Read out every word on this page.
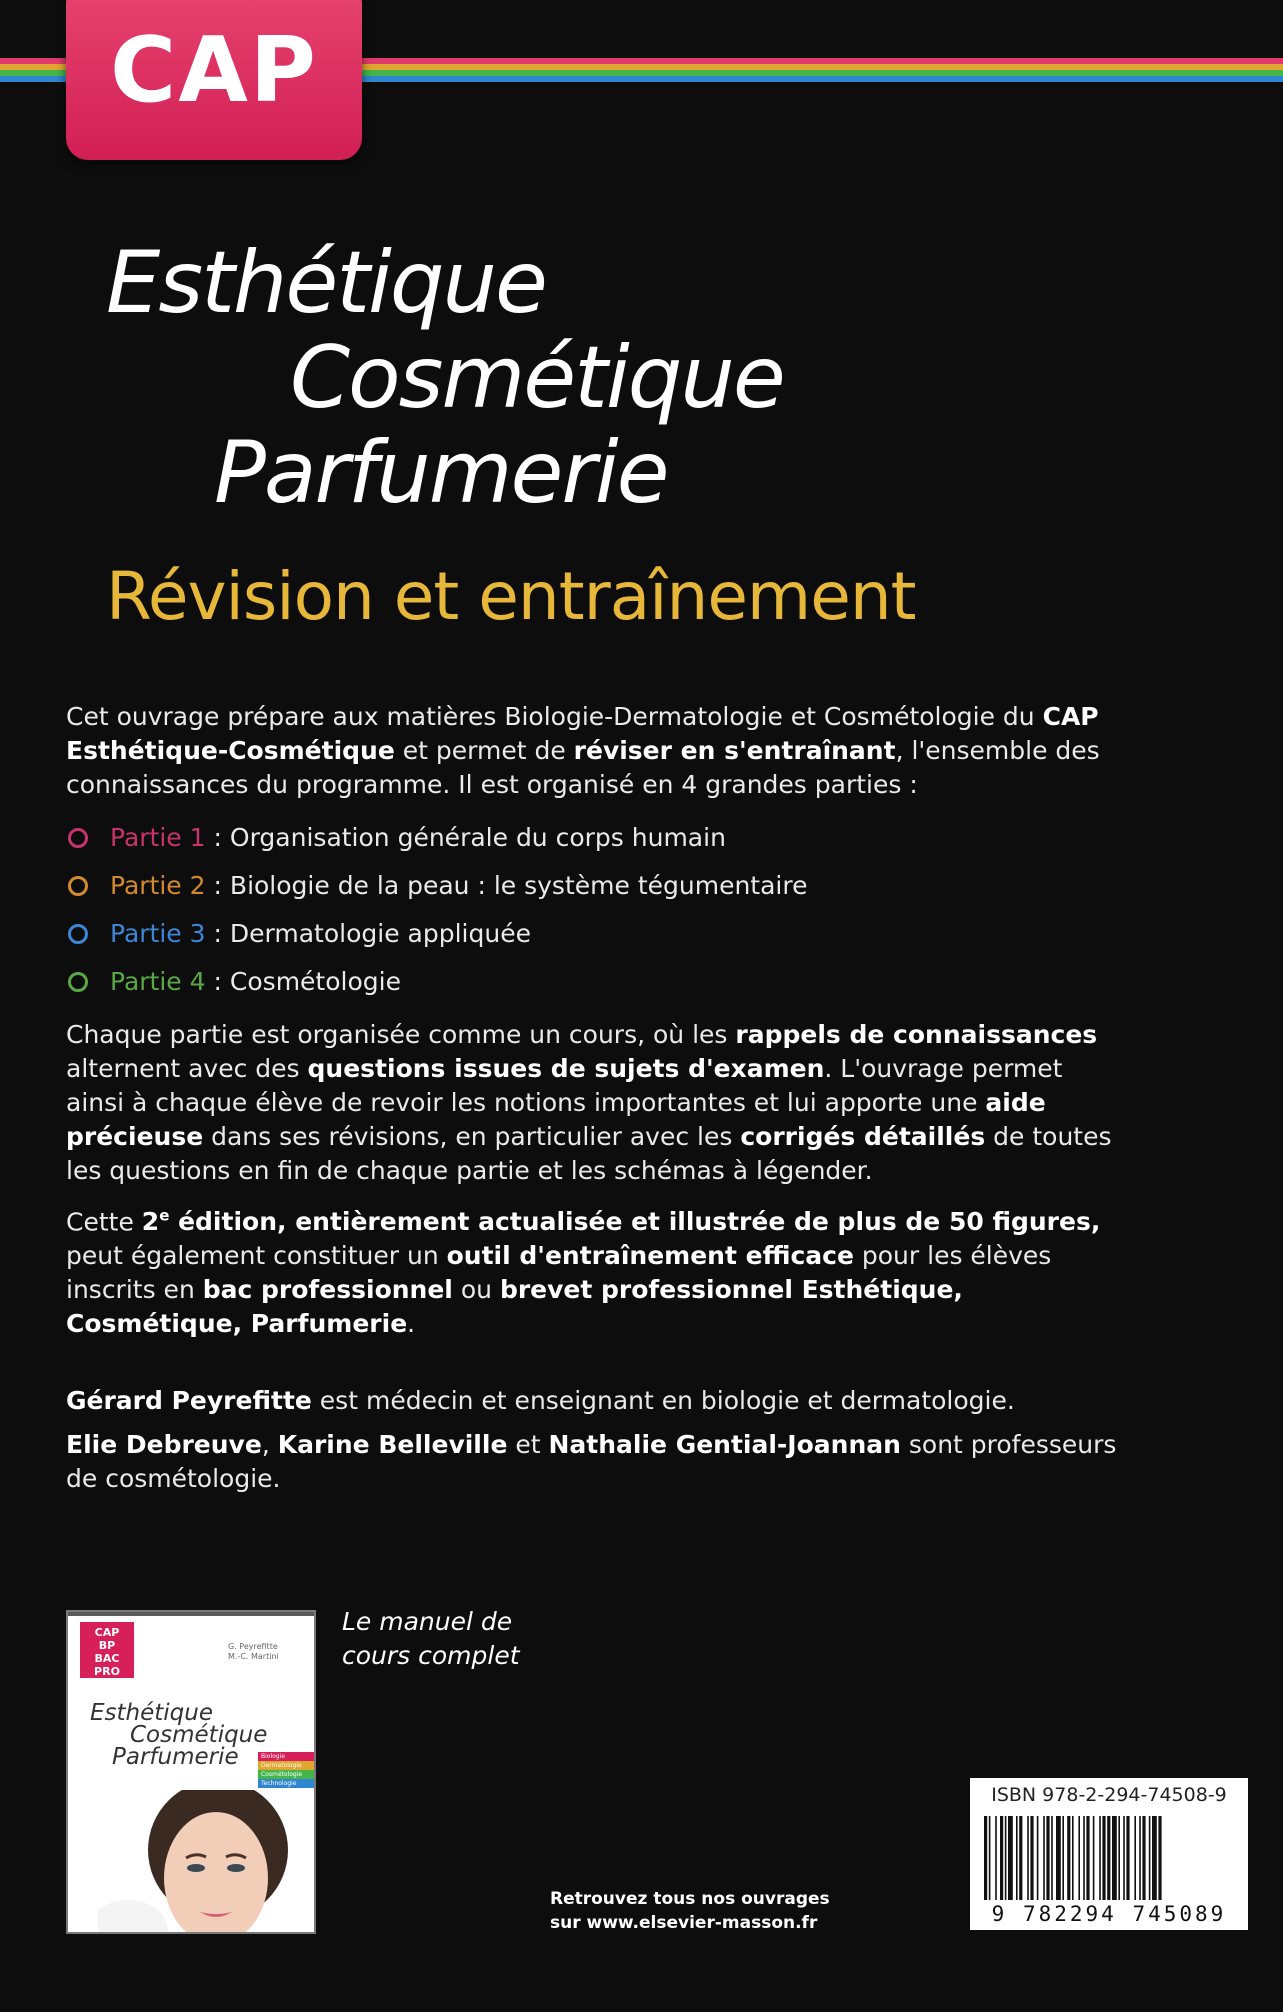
CAP
Esthétique
Cosmétique
Parfumerie
Révision et entraînement

Cet ouvrage prépare aux matières Biologie-Dermatologie et Cosmétologie du CAP Esthétique-Cosmétique et permet de réviser en s'entraînant, l'ensemble des connaissances du programme. Il est organisé en 4 grandes parties :

Partie 1 : Organisation générale du corps humain
Partie 2 : Biologie de la peau : le système tégumentaire
Partie 3 : Dermatologie appliquée
Partie 4 : Cosmétologie

Chaque partie est organisée comme un cours, où les rappels de connaissances alternent avec des questions issues de sujets d'examen. L'ouvrage permet ainsi à chaque élève de revoir les notions importantes et lui apporte une aide précieuse dans ses révisions, en particulier avec les corrigés détaillés de toutes les questions en fin de chaque partie et les schémas à légender.

Cette 2e édition, entièrement actualisée et illustrée de plus de 50 figures, peut également constituer un outil d'entraînement efficace pour les élèves inscrits en bac professionnel ou brevet professionnel Esthétique, Cosmétique, Parfumerie.

Gérard Peyrefitte est médecin et enseignant en biologie et dermatologie.

Elie Debreuve, Karine Belleville et Nathalie Gential-Joannan sont professeurs de cosmétologie.

CAP
BP
BAC PRO
G. Peyrefitte
M.-C. Martini
Esthétique
Cosmétique
Parfumerie	Biologie
Dermatologie
Cosmétologie
Technologie
Le manuel de
cours complet
Retrouvez tous nos ouvrages
sur www.elsevier-masson.fr
ISBN 978-2-294-74508-9
9 782294 745089
